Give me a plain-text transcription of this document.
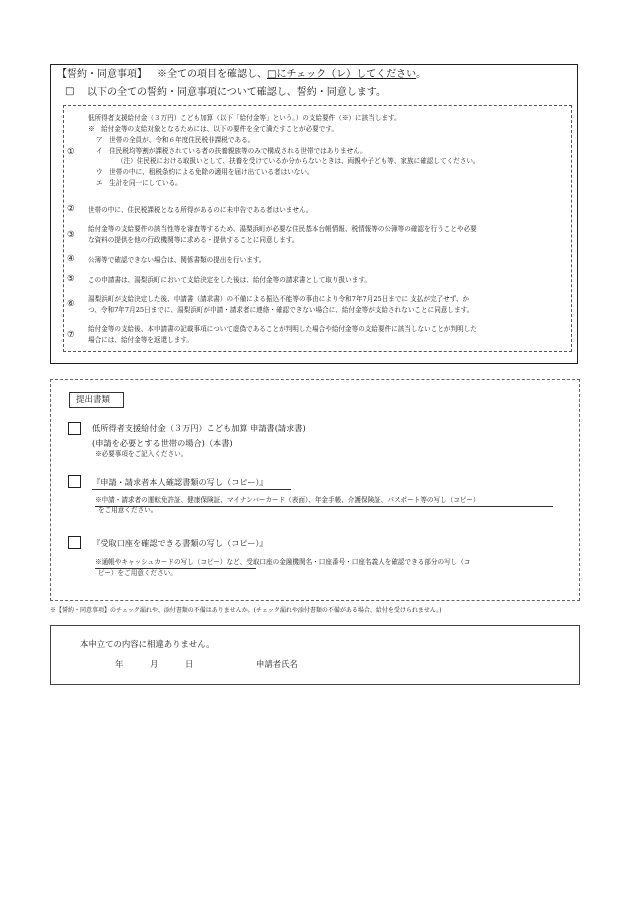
【誓約・同意事項】 ※全ての項目を確認し、□にチェック（レ）してください。
□ 以下の全ての誓約・同意事項について確認し、誓約・同意します。
①
低所得者支援給付金（３万円）こども加算（以下「給付金等」という。）の支給要件（※）に該当します。
※　給付金等の支給対象となるためには、以下の要件を全て満たすことが必要です。
ア　世帯の全員が、令和６年度住民税非課税である。
イ　住民税均等割が課税されている者の扶養親族等のみで構成される世帯ではありません。
（注）住民税における取扱いとして、扶養を受けているか分からないときは、両親や子ども等、家族に確認してください。
ウ　世帯の中に、租税条約による免除の適用を届け出ている者はいない。
エ　生計を同一にしている。
② 世帯の中に、住民税課税となる所得があるのに未申告である者はいません。
③
給付金等の支給要件の該当性等を審査等するため、湯梨浜町が必要な住民基本台帳情報、税情報等の公簿等の確認を行うことや必要
な資料の提供を他の行政機関等に求める・提供することに同意します。
④ 公簿等で確認できない場合は、関係書類の提出を行います。
⑤ この申請書は、湯梨浜町において支給決定をした後は、給付金等の請求書として取り扱います。
⑥ 湯梨浜町が支給決定した後、申請書（請求書）の不備による振込不能等の事由により令和7年7月25日までに 支払が完了せず、か
つ、令和7年7月25日までに、湯梨浜町が申請・請求者に連絡・確認できない場合に、給付金等が支給されないことに同意します。
⑦
給付金等の支給後、本申請書の記載事項について虚偽であることが判明した場合や給付金等の支給要件に該当しないことが判明した
場合には、給付金等を返還します。
提出書類
低所得者支援給付金（３万円）こども加算 申請書(請求書)
(申請を必要とする世帯の場合)（本書)
※必要事項をご記入ください。
『申請・請求者本人確認書類の写し（コピー）』
※申請・請求者の運転免許証、健康保険証、マイナンバーカード（表面）、年金手帳、介護保険証、パスポート等の写し（コピー）
をご用意ください。
『受取口座を確認できる書類の写し（コピー）』
※通帳やキャッシュカードの写し（コピー）など、受取口座の金融機関名・口座番号・口座名義人を確認できる部分の写し（コ
ピー）をご用意ください。
※【誓約・同意事項】のチェック漏れや、添付書類の不備はありませんか。(チェック漏れや添付書類の不備がある場合、給付を受けられません。)
本申立ての内容に相違ありません。
年	月	日	申請者氏名
